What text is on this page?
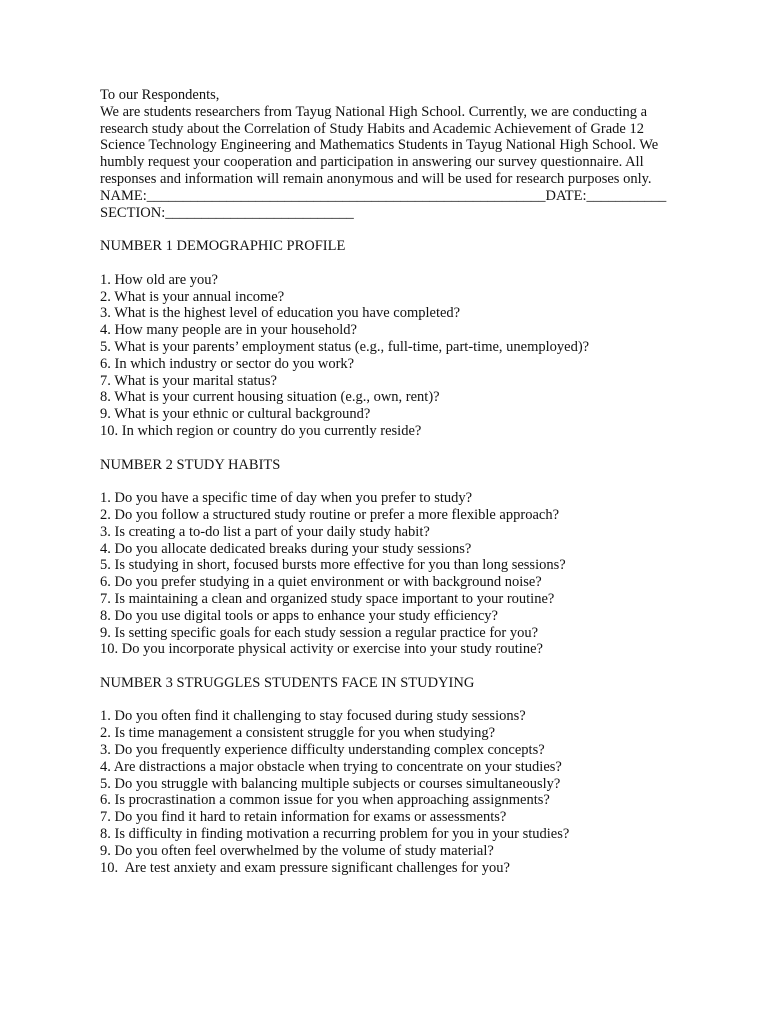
To our Respondents,

We are students researchers from Tayug National High School. Currently, we are conducting a research study about the Correlation of Study Habits and Academic Achievement of Grade 12 Science Technology Engineering and Mathematics Students in Tayug National High School. We humbly request your cooperation and participation in answering our survey questionnaire. All responses and information will remain anonymous and will be used for research purposes only.

NAME:_______________________________________________________DATE:___________

SECTION:__________________________

NUMBER 1 DEMOGRAPHIC PROFILE

1. How old are you?
2. What is your annual income?
3. What is the highest level of education you have completed?
4. How many people are in your household?
5. What is your parents’ employment status (e.g., full-time, part-time, unemployed)?
6. In which industry or sector do you work?
7. What is your marital status?
8. What is your current housing situation (e.g., own, rent)?
9. What is your ethnic or cultural background?
10. In which region or country do you currently reside?

NUMBER 2 STUDY HABITS

1. Do you have a specific time of day when you prefer to study?
2. Do you follow a structured study routine or prefer a more flexible approach?
3. Is creating a to-do list a part of your daily study habit?
4. Do you allocate dedicated breaks during your study sessions?
5. Is studying in short, focused bursts more effective for you than long sessions?
6. Do you prefer studying in a quiet environment or with background noise?
7. Is maintaining a clean and organized study space important to your routine?
8. Do you use digital tools or apps to enhance your study efficiency?
9. Is setting specific goals for each study session a regular practice for you?
10. Do you incorporate physical activity or exercise into your study routine?

NUMBER 3 STRUGGLES STUDENTS FACE IN STUDYING

1. Do you often find it challenging to stay focused during study sessions?
2. Is time management a consistent struggle for you when studying?
3. Do you frequently experience difficulty understanding complex concepts?
4. Are distractions a major obstacle when trying to concentrate on your studies?
5. Do you struggle with balancing multiple subjects or courses simultaneously?
6. Is procrastination a common issue for you when approaching assignments?
7. Do you find it hard to retain information for exams or assessments?
8. Is difficulty in finding motivation a recurring problem for you in your studies?
9. Do you often feel overwhelmed by the volume of study material?
10.  Are test anxiety and exam pressure significant challenges for you?
